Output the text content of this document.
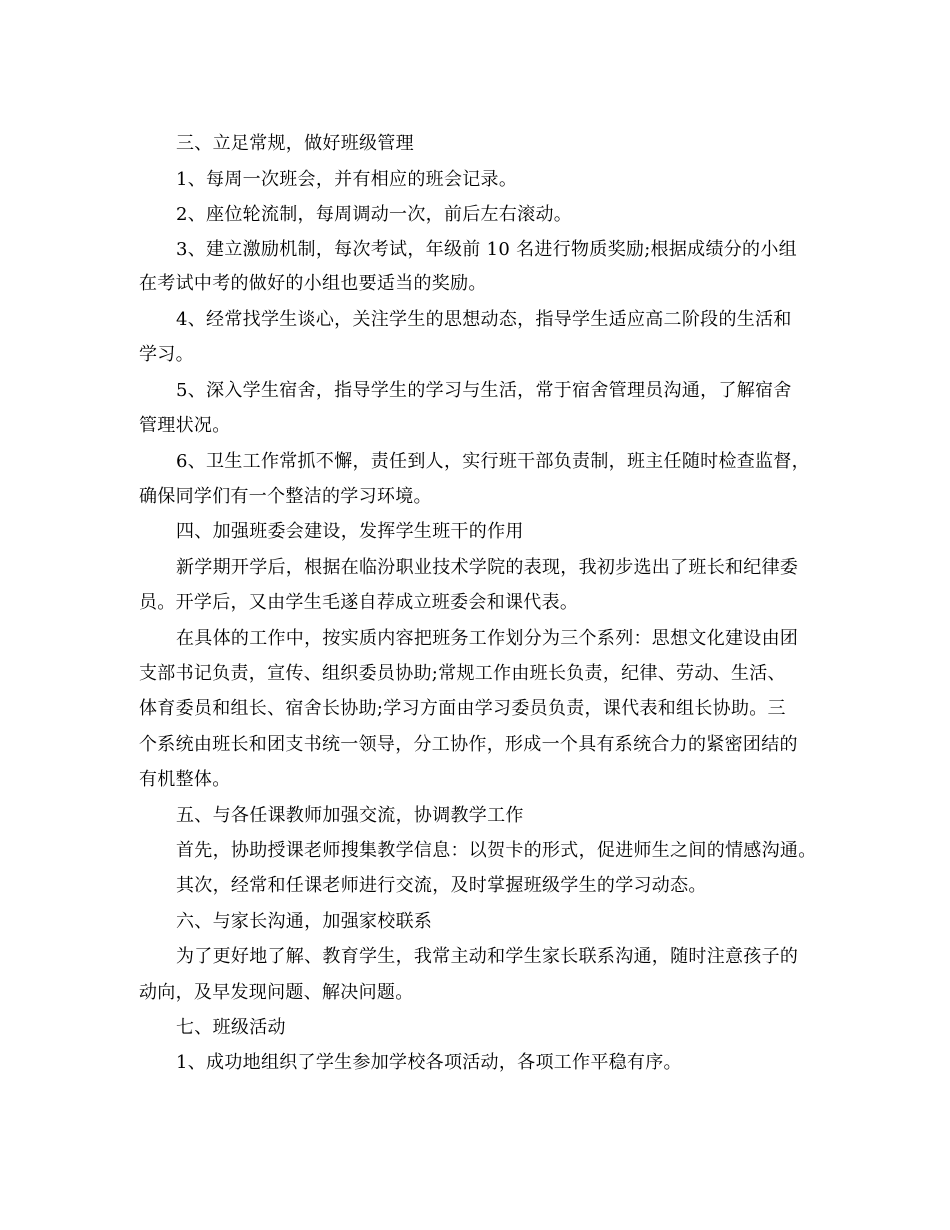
三、立足常规，做好班级管理
1、每周一次班会，并有相应的班会记录。
2、座位轮流制，每周调动一次，前后左右滚动。
3、建立激励机制，每次考试，年级前 10 名进行物质奖励;根据成绩分的小组
在考试中考的做好的小组也要适当的奖励。
4、经常找学生谈心，关注学生的思想动态，指导学生适应高二阶段的生活和
学习。
5、深入学生宿舍，指导学生的学习与生活，常于宿舍管理员沟通，了解宿舍
管理状况。
6、卫生工作常抓不懈，责任到人，实行班干部负责制，班主任随时检查监督，
确保同学们有一个整洁的学习环境。
四、加强班委会建设，发挥学生班干的作用
新学期开学后，根据在临汾职业技术学院的表现，我初步选出了班长和纪律委
员。开学后，又由学生毛遂自荐成立班委会和课代表。
在具体的工作中，按实质内容把班务工作划分为三个系列：思想文化建设由团
支部书记负责，宣传、组织委员协助;常规工作由班长负责，纪律、劳动、生活、
体育委员和组长、宿舍长协助;学习方面由学习委员负责，课代表和组长协助。三
个系统由班长和团支书统一领导，分工协作，形成一个具有系统合力的紧密团结的
有机整体。
五、与各任课教师加强交流，协调教学工作
首先，协助授课老师搜集教学信息：以贺卡的形式，促进师生之间的情感沟通。
其次，经常和任课老师进行交流，及时掌握班级学生的学习动态。
六、与家长沟通，加强家校联系
为了更好地了解、教育学生，我常主动和学生家长联系沟通，随时注意孩子的
动向，及早发现问题、解决问题。
七、班级活动
1、成功地组织了学生参加学校各项活动，各项工作平稳有序。
